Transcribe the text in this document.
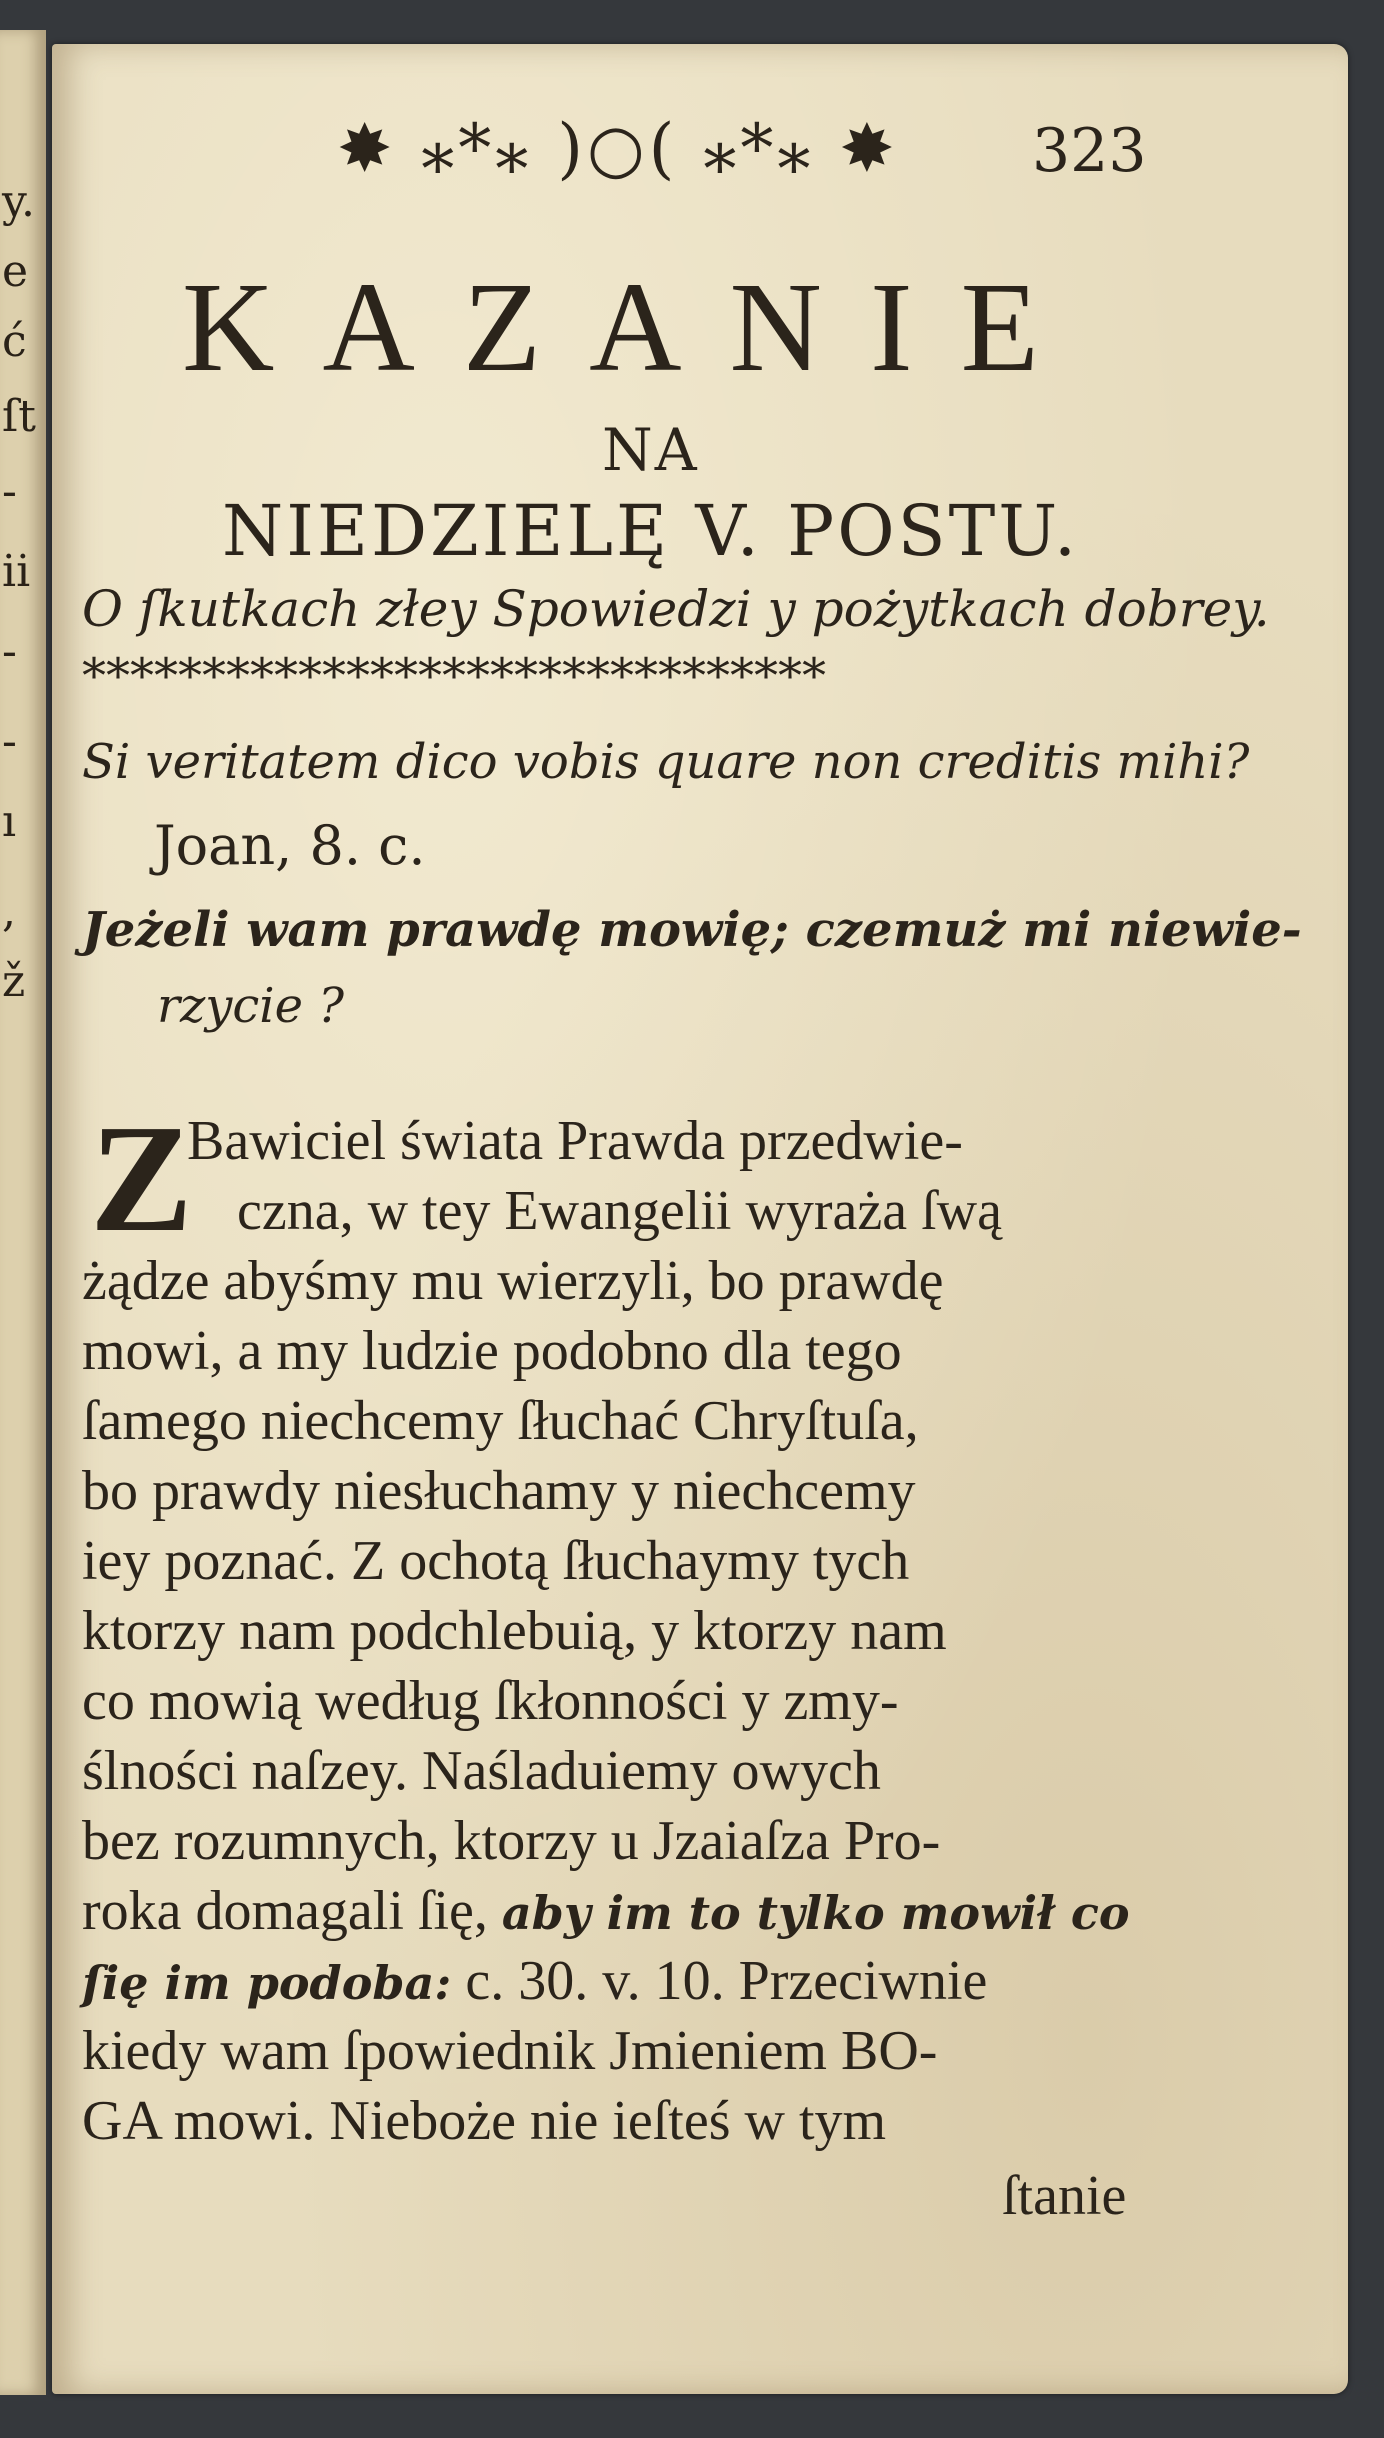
y.
e
ć
ſt
-
ii
-
-
ı
,
ž
✸ ⁎*⁎ )○( ⁎*⁎ ✸ 323
KAZANIE
NA
NIEDZIELĘ V. POSTU.
O ſkutkach złey Spowiedzi y pożytkach dobrey.
*******************************
Si veritatem dico vobis quare non creditis mihi?
Joan, 8. c.
Jeżeli wam prawdę mowię; czemuż mi niewie-
rzycie ?
Z
Bawiciel świata Prawda przedwie-
czna, w tey Ewangelii wyraża ſwą
żądze abyśmy mu wierzyli, bo prawdę
mowi, a my ludzie podobno dla tego
ſamego niechcemy ſłuchać Chryſtuſa,
bo prawdy niesłuchamy y niechcemy
iey poznać. Z ochotą ſłuchaymy tych
ktorzy nam podchlebuią, y ktorzy nam
co mowią według ſkłonności y zmy-
ślności naſzey. Naśladuiemy owych
bez rozumnych, ktorzy u Jzaiaſza Pro-
roka domagali ſię, aby im to tylko mowił co
ſię im podoba: c. 30. v. 10. Przeciwnie
kiedy wam ſpowiednik Jmieniem BO-
GA mowi. Nieboże nie ieſteś w tym
ſtanie
